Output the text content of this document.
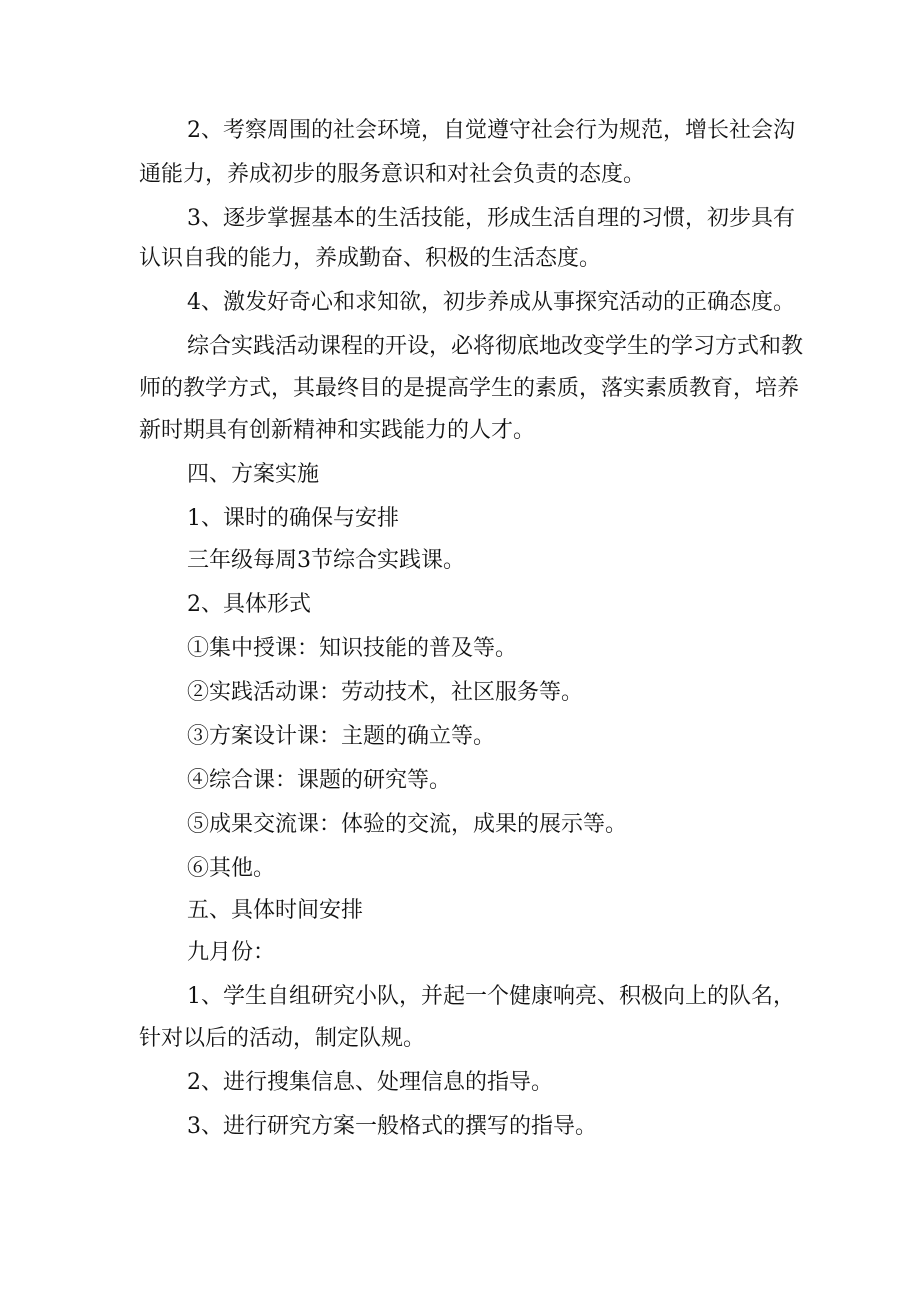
2、考察周围的社会环境，自觉遵守社会行为规范，增长社会沟
通能力，养成初步的服务意识和对社会负责的态度。
3、逐步掌握基本的生活技能，形成生活自理的习惯，初步具有
认识自我的能力，养成勤奋、积极的生活态度。
4、激发好奇心和求知欲，初步养成从事探究活动的正确态度。
综合实践活动课程的开设，必将彻底地改变学生的学习方式和教
师的教学方式，其最终目的是提高学生的素质，落实素质教育，培养
新时期具有创新精神和实践能力的人才。
四、方案实施
1、课时的确保与安排
三年级每周3节综合实践课。
2、具体形式
①集中授课：知识技能的普及等。
②实践活动课：劳动技术，社区服务等。
③方案设计课：主题的确立等。
④综合课：课题的研究等。
⑤成果交流课：体验的交流，成果的展示等。
⑥其他。
五、具体时间安排
九月份：
1、学生自组研究小队，并起一个健康响亮、积极向上的队名，
针对以后的活动，制定队规。
2、进行搜集信息、处理信息的指导。
3、进行研究方案一般格式的撰写的指导。
